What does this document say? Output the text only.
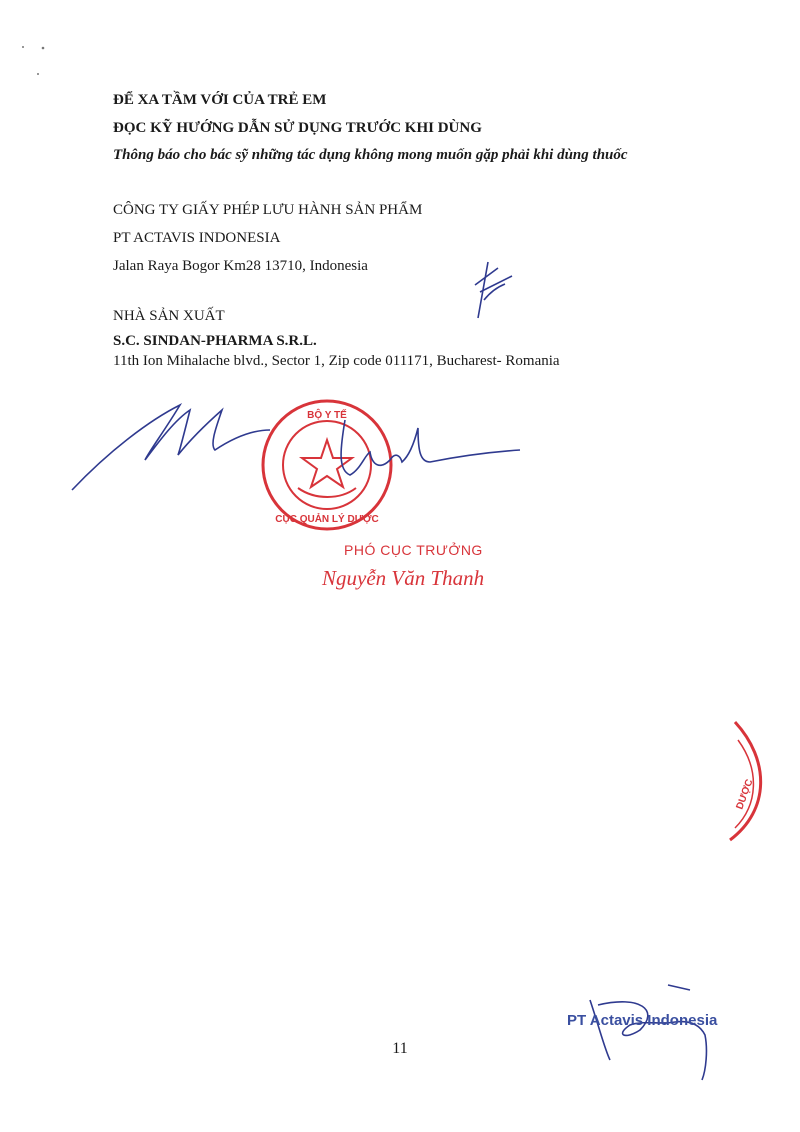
ĐỂ XA TẦM VỚI CỦA TRẺ EM
ĐỌC KỸ HƯỚNG DẪN SỬ DỤNG TRƯỚC KHI DÙNG
Thông báo cho bác sỹ những tác dụng không mong muốn gặp phải khi dùng thuốc
CÔNG TY GIẤY PHÉP LƯU HÀNH SẢN PHẨM
PT ACTAVIS INDONESIA
Jalan Raya Bogor Km28 13710, Indonesia
NHÀ SẢN XUẤT
S.C. SINDAN-PHARMA S.R.L.
11th Ion Mihalache blvd., Sector 1, Zip code 011171, Bucharest- Romania
BỘ Y TẾ
CỤC QUẢN LÝ DƯỢC
DƯỢC
PHÓ CỤC TRƯỞNG
Nguyễn Văn Thanh
PT Actavis Indonesia
11
